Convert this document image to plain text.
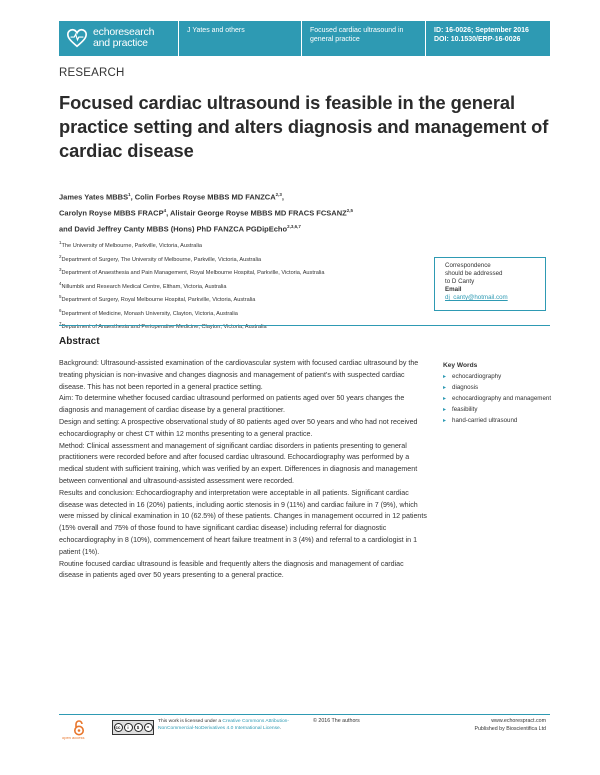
echoresearch
and practice
J Yates and others	Focused cardiac ultrasound in general practice
ID: 16-0026; September 2016
DOI: 10.1530/ERP-16-0026
RESEARCH
Focused cardiac ultrasound is feasible in the general practice setting and alters diagnosis and management of cardiac disease
James Yates MBBS$^1$, Colin Forbes Royse MBBS MD FANZCA$^{2,3}$,
Carolyn Royse MBBS FRACP$^4$, Alistair George Royse MBBS MD FRACS FCSANZ$^{2,5}$
and David Jeffrey Canty MBBS (Hons) PhD FANZCA PGDipEcho$^{2,3,6,7}$
$^1$The University of Melbourne, Parkville, Victoria, Australia
$^2$Department of Surgery, The University of Melbourne, Parkville, Victoria, Australia
$^3$Department of Anaesthesia and Pain Management, Royal Melbourne Hospital, Parkville, Victoria, Australia
$^4$Nillumbik and Research Medical Centre, Eltham, Victoria, Australia
$^5$Department of Surgery, Royal Melbourne Hospital, Parkville, Victoria, Australia
$^6$Department of Medicine, Monash University, Clayton, Victoria, Australia
$^7$Department of Anaesthesia and Perioperative Medicine, Clayton, Victoria, Australia
Correspondence
should be addressed
to D Canty
Email
dj_canty@hotmail.com
Abstract

Background: Ultrasound-assisted examination of the cardiovascular system with focused cardiac ultrasound by the treating physician is non-invasive and changes diagnosis and management of patient's with suspected cardiac disease. This has not been reported in a general practice setting.

Aim: To determine whether focused cardiac ultrasound performed on patients aged over 50 years changes the diagnosis and management of cardiac disease by a general practitioner.

Design and setting: A prospective observational study of 80 patients aged over 50 years and who had not received echocardiography or chest CT within 12 months presenting to a general practice.

Method: Clinical assessment and management of significant cardiac disorders in patients presenting to general practitioners were recorded before and after focused cardiac ultrasound. Echocardiography was performed by a medical student with sufficient training, which was verified by an expert. Differences in diagnosis and management between conventional and ultrasound-assisted assessment were recorded.

Results and conclusion: Echocardiography and interpretation were acceptable in all patients. Significant cardiac disease was detected in 16 (20%) patients, including aortic stenosis in 9 (11%) and cardiac failure in 7 (9%), which were missed by clinical examination in 10 (62.5%) of these patients. Changes in management occurred in 12 patients (15% overall and 75% of those found to have significant cardiac disease) including referral for diagnostic echocardiography in 8 (10%), commencement of heart failure treatment in 3 (4%) and referral to a cardiologist in 1 patient (1%).

Routine focused cardiac ultrasound is feasible and frequently alters the diagnosis and management of cardiac disease in patients aged over 50 years presenting to a general practice.

Key Words
▸ echocardiography
▸ diagnosis
▸ echocardiography and management
▸ feasibility
▸ hand-carried ultrasound
open access
cc	i	$	=
This work is licensed under a Creative Commons Attribution-NonCommercial-NoDerivatives 4.0 International License.
© 2016 The authors	www.echorespract.com
Published by Bioscientifica Ltd
